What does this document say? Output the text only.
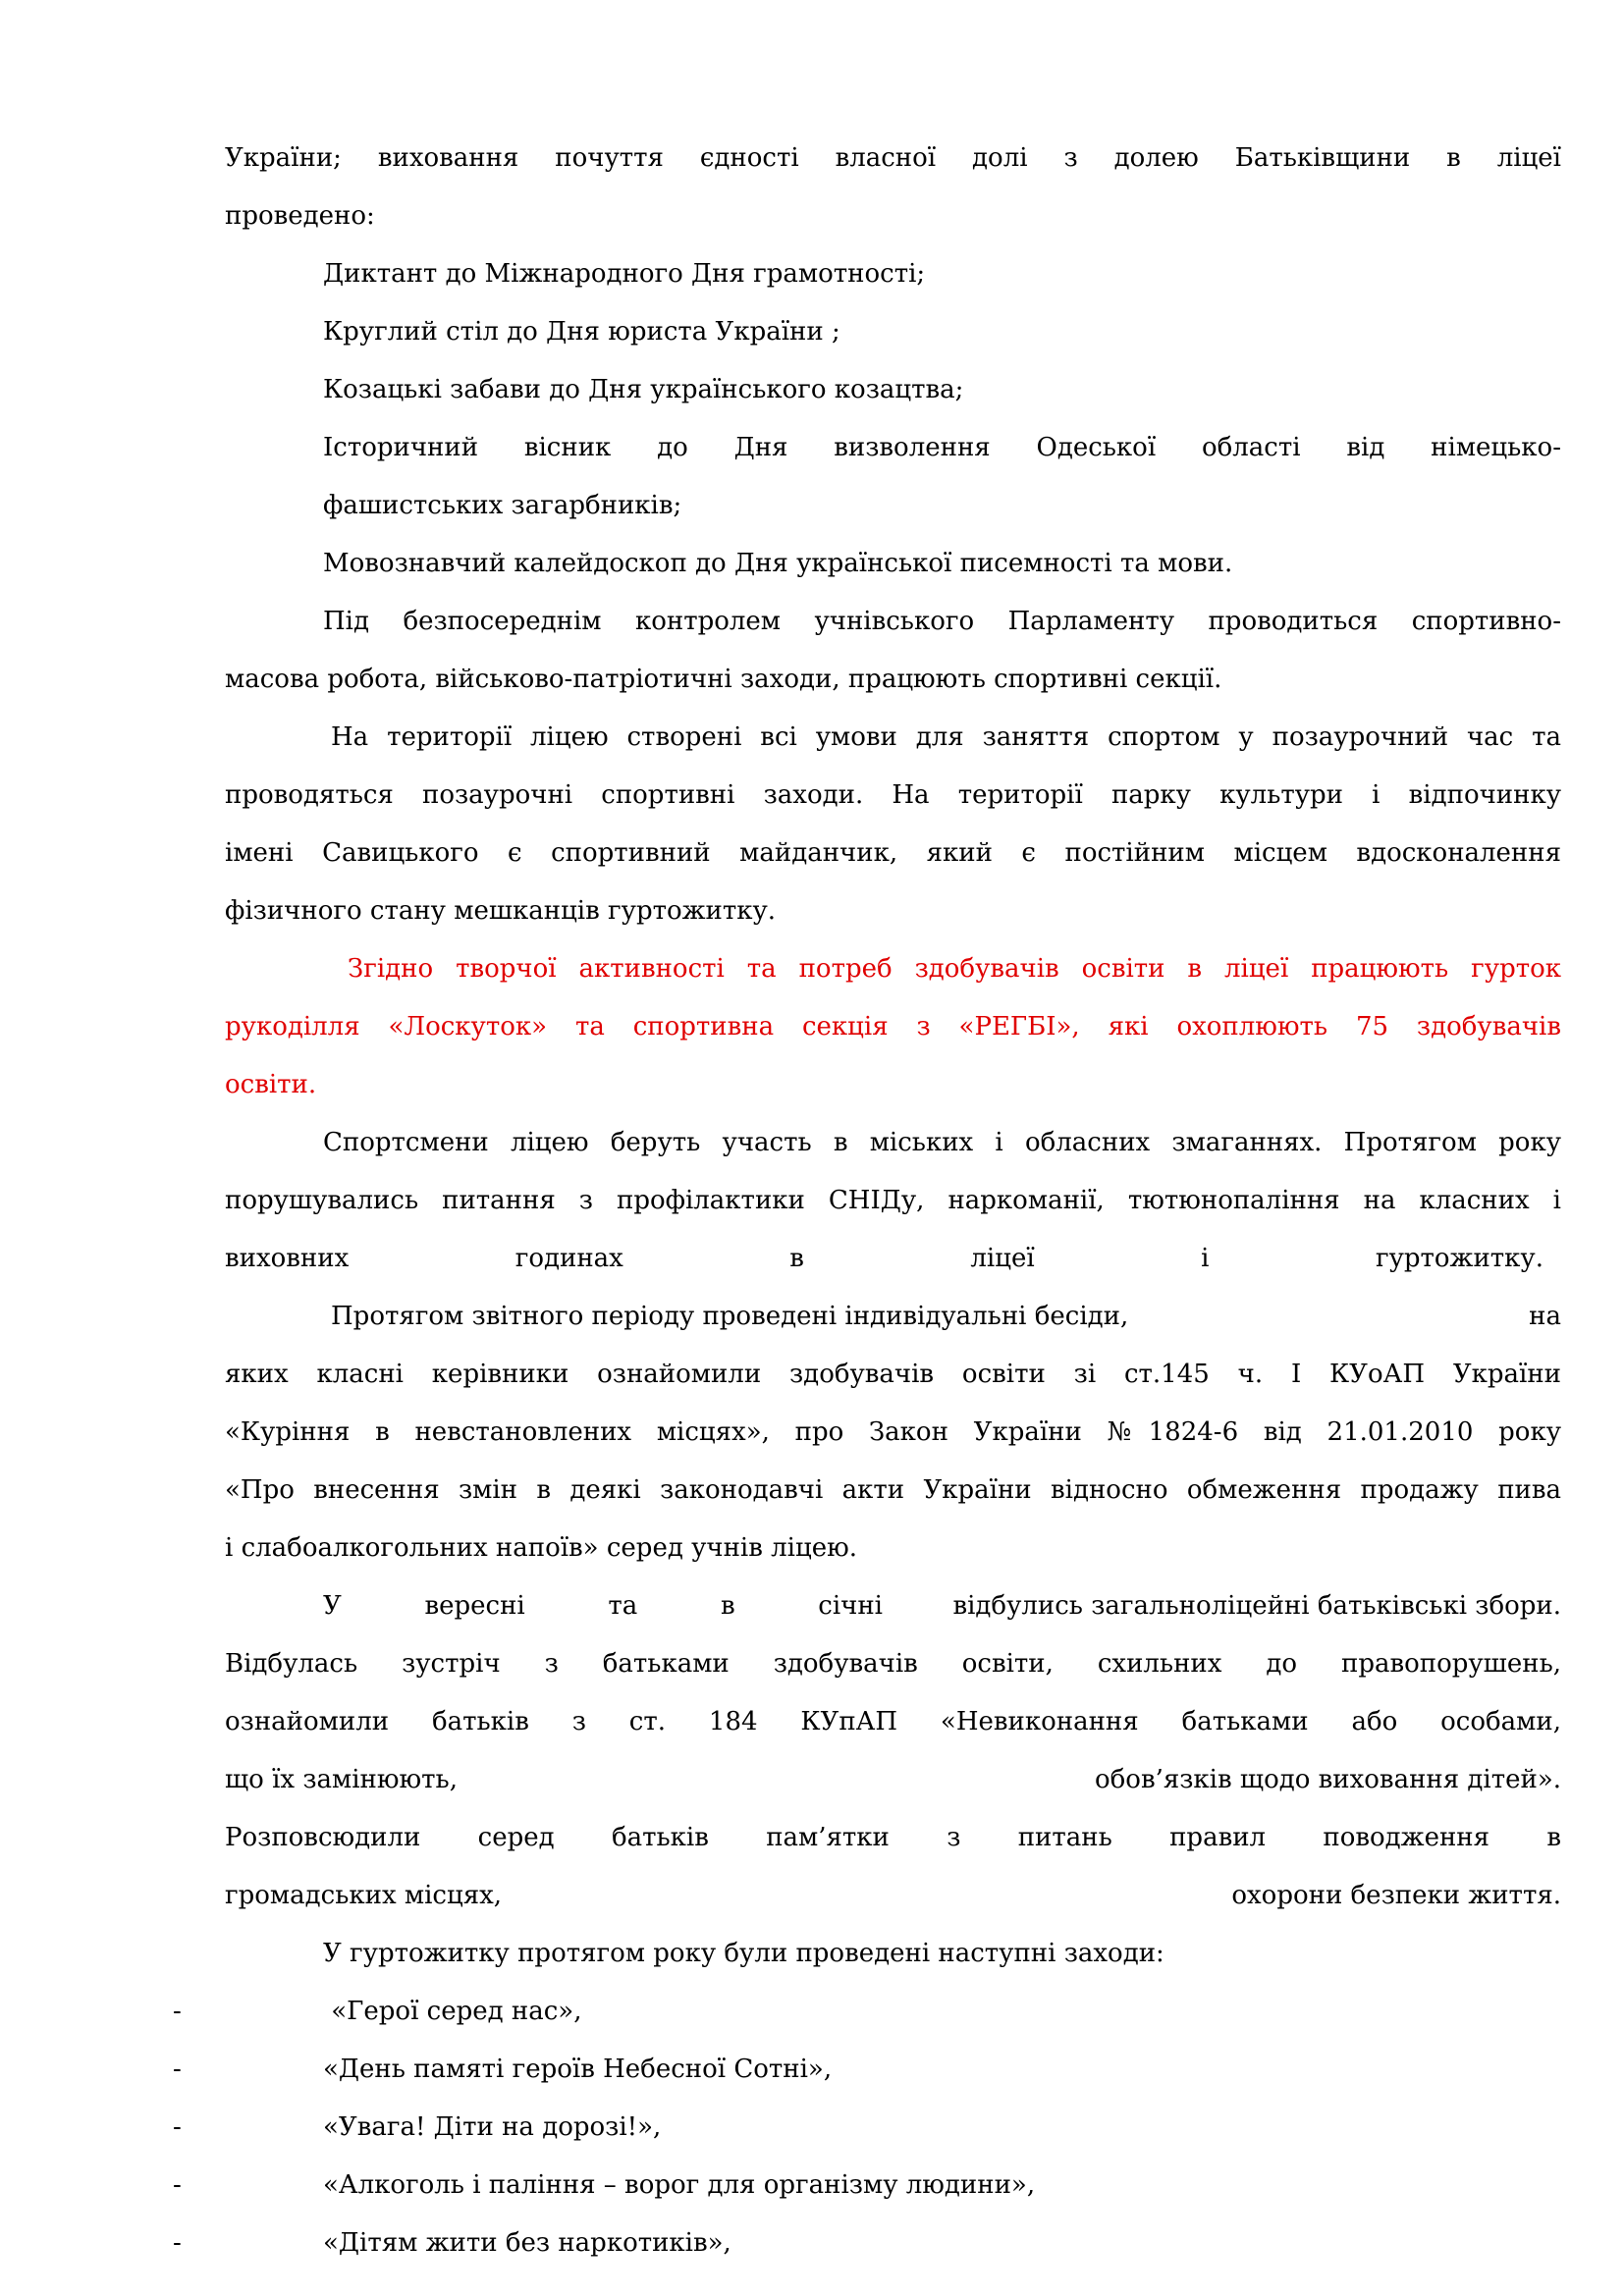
України; виховання почуття єдності власної долі з долею Батьківщини в ліцеї
проведено:
Диктант до Міжнародного Дня грамотності;
Круглий стіл до Дня юриста України ;
Козацькі забави до Дня українського козацтва;
Історичний вісник до Дня визволення Одеської області від німецько-
фашистських загарбників;
Мовознавчий калейдоскоп до Дня української писемності та мови.
Під безпосереднім контролем учнівського Парламенту проводиться спортивно-
масова робота, військово-патріотичні заходи, працюють спортивні секції.
На території ліцею створені всі умови для заняття спортом у позаурочний час та
проводяться позаурочні спортивні заходи. На території парку культури і відпочинку
імені Савицького є спортивний майданчик, який є постійним місцем вдосконалення
фізичного стану мешканців гуртожитку.
Згідно творчої активності та потреб здобувачів освіти в ліцеї працюють гурток
рукоділля «Лоскуток» та спортивна секція з «РЕГБІ», які охоплюють 75 здобувачів
освіти.
Спортсмени ліцею беруть участь в міських і обласних змаганнях. Протягом року
порушувались питання з профілактики СНІДу, наркоманії, тютюнопаління на класних і
виховних годинах в ліцеї і гуртожитку.
Протягом звітного періоду проведені індивідуальні бесіди,	на
яких класні керівники ознайомили здобувачів освіти зі ст.145 ч. І КУоАП України
«Куріння в невстановлених місцях», про Закон України №1824-6 від 21.01.2010 року
«Про внесення змін в деякі законодавчі акти України відносно обмеження продажу пива
і слабоалкогольних напоїв» серед учнів ліцею.
У вересні та в січні	відбулись загальноліцейні батьківські збори.
Відбулась зустріч з батьками здобувачів освіти, схильних до правопорушень,
ознайомили батьків з ст. 184 КУпАП «Невиконання батьками або особами,
що їх замінюють,	обов’язків щодо виховання дітей».
Розповсюдили серед батьків пам’ятки з питань правил поводження в
громадських місцях,	охорони безпеки життя.
У гуртожитку протягом року були проведені наступні заходи:
-	«Герої серед нас»,
-	«День памяті героїв Небесної Сотні»,
-	«Увага! Діти на дорозі!»,
-	«Алкоголь і паління – ворог для організму людини»,
-	«Дітям жити без наркотиків»,
